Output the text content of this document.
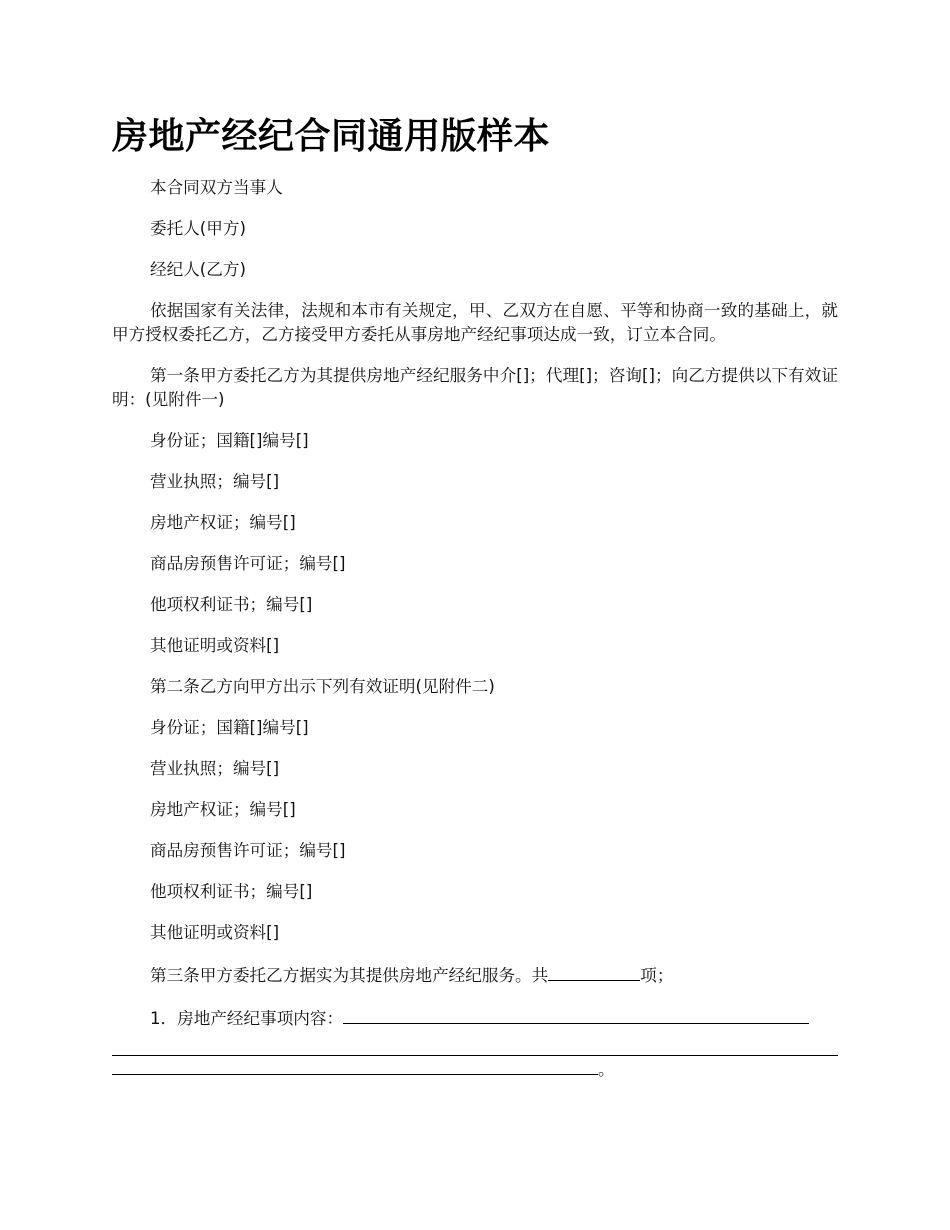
房地产经纪合同通用版样本

本合同双方当事人

委托人(甲方)

经纪人(乙方)

依据国家有关法律，法规和本市有关规定，甲、乙双方在自愿、平等和协商一致的基础上，就甲方授权委托乙方，乙方接受甲方委托从事房地产经纪事项达成一致，订立本合同。

第一条甲方委托乙方为其提供房地产经纪服务中介[]；代理[]；咨询[]；向乙方提供以下有效证明：(见附件一)

身份证；国籍[]编号[]

营业执照；编号[]

房地产权证；编号[]

商品房预售许可证；编号[]

他项权利证书；编号[]

其他证明或资料[]

第二条乙方向甲方出示下列有效证明(见附件二)

身份证；国籍[]编号[]

营业执照；编号[]

房地产权证；编号[]

商品房预售许可证；编号[]

他项权利证书；编号[]

其他证明或资料[]

第三条甲方委托乙方据实为其提供房地产经纪服务。共	项；

1．房地产经纪事项内容：

。
